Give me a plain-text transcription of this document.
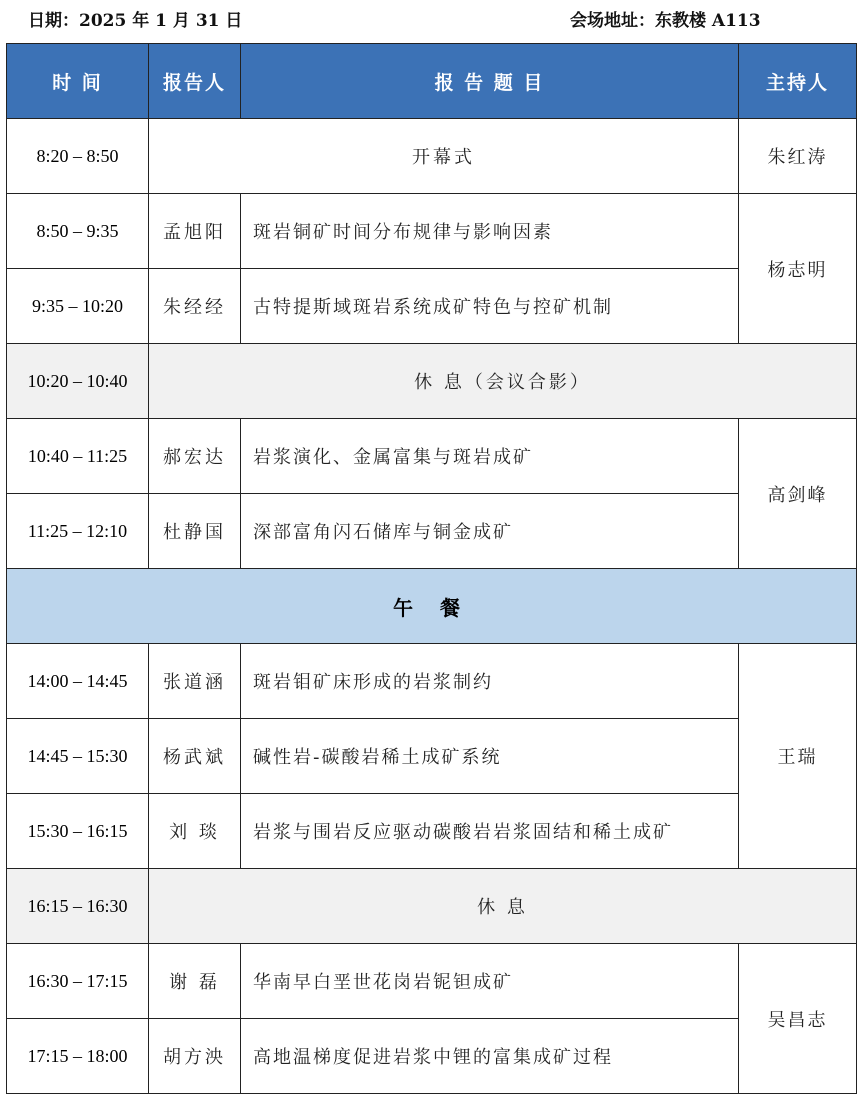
日期：2025 年 1 月 31 日	会场地址：东教楼 A113
时 间	报告人	报 告 题 目	主持人
8:20 – 8:50	开幕式		朱红涛
8:50 – 9:35	孟旭阳	斑岩铜矿时间分布规律与影响因素	杨志明
9:35 – 10:20	朱经经	古特提斯域斑岩系统成矿特色与控矿机制	
10:20 – 10:40	休 息（会议合影）		
10:40 – 11:25	郝宏达	岩浆演化、金属富集与斑岩成矿	高剑峰
11:25 – 12:10	杜静国	深部富角闪石储库与铜金成矿	
午 餐			
14:00 – 14:45	张道涵	斑岩钼矿床形成的岩浆制约	王瑞
14:45 – 15:30	杨武斌	碱性岩-碳酸岩稀土成矿系统	
15:30 – 16:15	刘 琰	岩浆与围岩反应驱动碳酸岩岩浆固结和稀土成矿	
16:15 – 16:30	休 息		
16:30 – 17:15	谢 磊	华南早白垩世花岗岩铌钽成矿	吴昌志
17:15 – 18:00	胡方泱	高地温梯度促进岩浆中锂的富集成矿过程	
